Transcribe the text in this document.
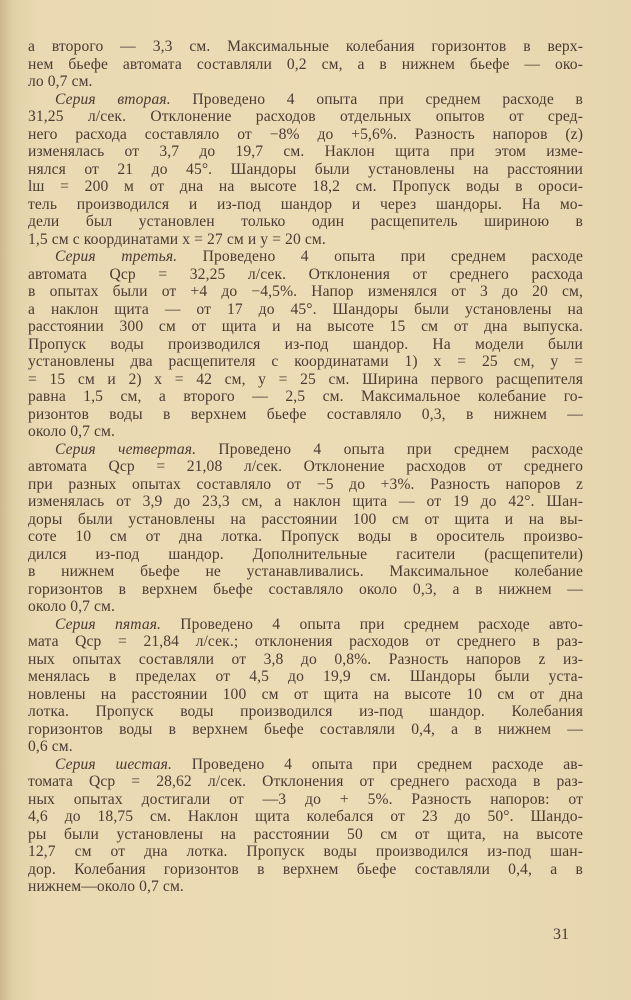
а второго — 3,3 см. Максимальные колебания горизонтов в верх-
нем бьефе автомата составляли 0,2 см, а в нижнем бьефе — око-
ло 0,7 см.
Серия вторая. Проведено 4 опыта при среднем расходе в
31,25 л/сек. Отклонение расходов отдельных опытов от сред-
него расхода составляло от −8% до +5,6%. Разность напоров (z)
изменялась от 3,7 до 19,7 см. Наклон щита при этом изме-
нялся от 21 до 45°. Шандоры были установлены на расстоянии
lш = 200 м от дна на высоте 18,2 см. Пропуск воды в ороси-
тель производился и из-под шандор и через шандоры. На мо-
дели был установлен только один расщепитель шириною в
1,5 см с координатами x = 27 см и y = 20 см.
Серия третья. Проведено 4 опыта при среднем расходе
автомата Qср = 32,25 л/сек. Отклонения от среднего расхода
в опытах были от +4 до −4,5%. Напор изменялся от 3 до 20 см,
а наклон щита — от 17 до 45°. Шандоры были установлены на
расстоянии 300 см от щита и на высоте 15 см от дна выпуска.
Пропуск воды производился из-под шандор. На модели были
установлены два расщепителя с координатами 1) x = 25 см, y =
= 15 см и 2) x = 42 см, y = 25 см. Ширина первого расщепителя
равна 1,5 см, а второго — 2,5 см. Максимальное колебание го-
ризонтов воды в верхнем бьефе составляло 0,3, в нижнем —
около 0,7 см.
Серия четвертая. Проведено 4 опыта при среднем расходе
автомата Qср = 21,08 л/сек. Отклонение расходов от среднего
при разных опытах составляло от −5 до +3%. Разность напоров z
изменялась от 3,9 до 23,3 см, а наклон щита — от 19 до 42°. Шан-
доры были установлены на расстоянии 100 см от щита и на вы-
соте 10 см от дна лотка. Пропуск воды в ороситель произво-
дился из-под шандор. Дополнительные гасители (расщепители)
в нижнем бьефе не устанавливались. Максимальное колебание
горизонтов в верхнем бьефе составляло около 0,3, а в нижнем —
около 0,7 см.
Серия пятая. Проведено 4 опыта при среднем расходе авто-
мата Qср = 21,84 л/сек.; отклонения расходов от среднего в раз-
ных опытах составляли от 3,8 до 0,8%. Разность напоров z из-
менялась в пределах от 4,5 до 19,9 см. Шандоры были уста-
новлены на расстоянии 100 см от щита на высоте 10 см от дна
лотка. Пропуск воды производился из-под шандор. Колебания
горизонтов воды в верхнем бьефе составляли 0,4, а в нижнем —
0,6 см.
Серия шестая. Проведено 4 опыта при среднем расходе ав-
томата Qср = 28,62 л/сек. Отклонения от среднего расхода в раз-
ных опытах достигали от —3 до + 5%. Разность напоров: от
4,6 до 18,75 см. Наклон щита колебался от 23 до 50°. Шандо-
ры были установлены на расстоянии 50 см от щита, на высоте
12,7 см от дна лотка. Пропуск воды производился из-под шан-
дор. Колебания горизонтов в верхнем бьефе составляли 0,4, а в
нижнем—около 0,7 см.
31
